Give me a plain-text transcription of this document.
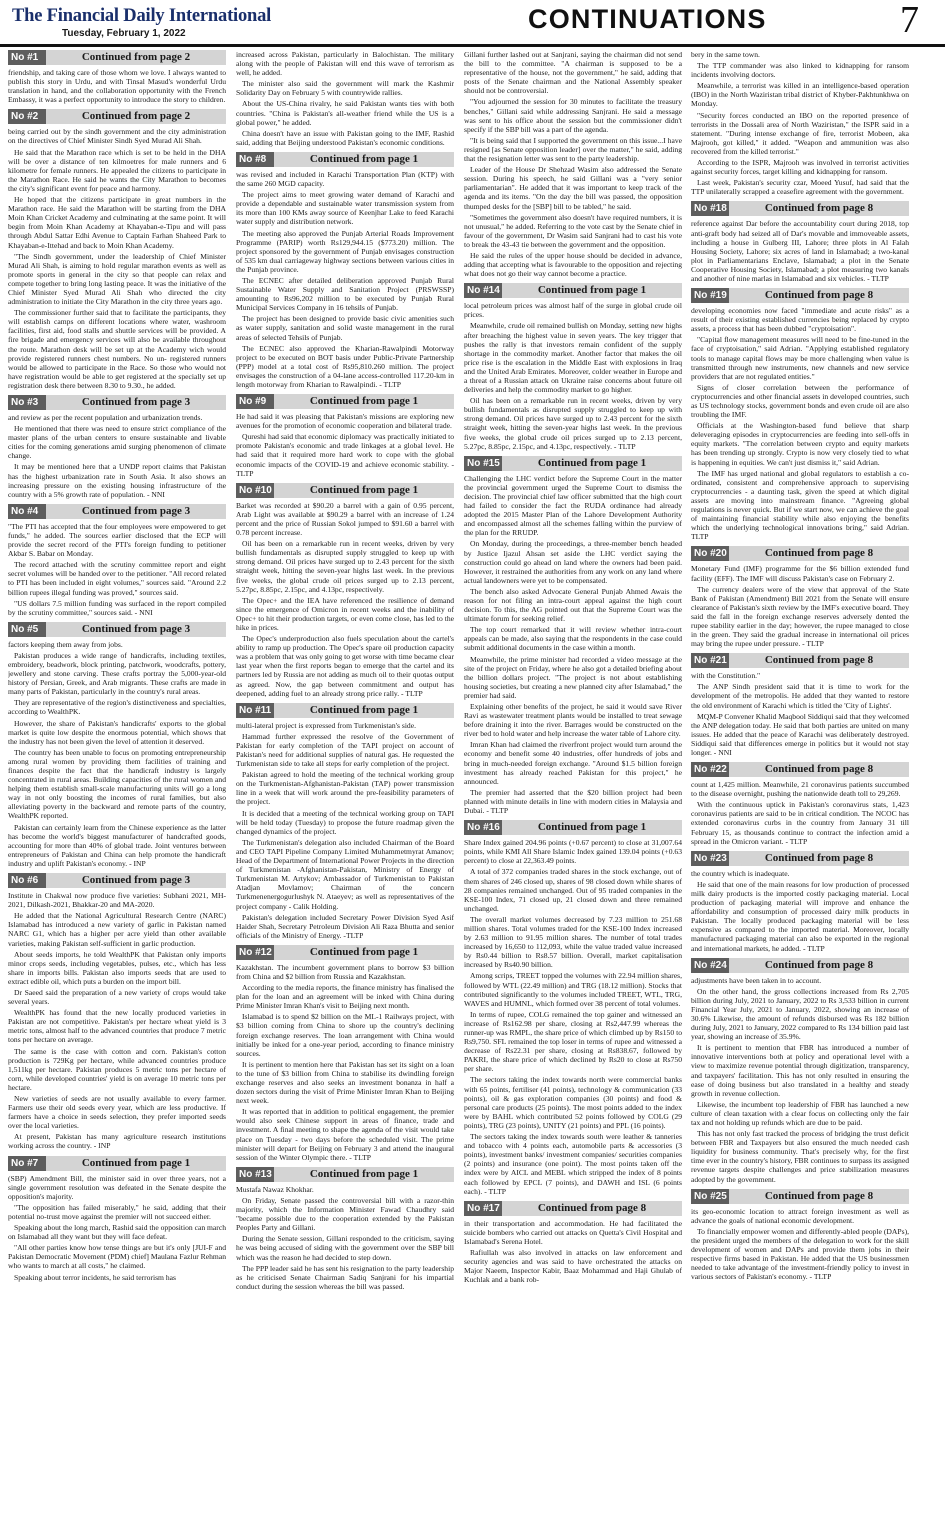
The Financial Daily International
Tuesday, February 1, 2022	CONTINUATIONS	7
No #1	Continued from page 2

friendship, and taking care of those whom we love. I always wanted to publish this story in Urdu, and with Tinsal Masud's wonderful Urdu translation in hand, and the collaboration opportunity with the French Embassy, it was a perfect opportunity to introduce the story to children.

No #2	Continued from page 2

being carried out by the sindh government and the city administration on the directives of Chief Minister Sindh Syed Murad Ali Shah.

He said that the Marathon race which is set to be held in the DHA will be over a distance of ten kilmoetres for male runners and 6 kilometre for female runners. He appealed the citizens to participate in the Marathon Race. He said he wants the City Marathon to becomes the city's significant event for peace and harmony.

He hoped that the citizens participate in great numbers in the Marathon race. He said the Marathon will be starting from the DHA Moin Khan Cricket Academy and culminating at the same point. It will begin from Moin Khan Academy at Khayaban-e-Tipu and will pass through Abdul Sattar Edhi Avenue to Captain Farhan Shaheed Park to Khayaban-e-Ittehad and back to Moin Khan Academy.

"The Sindh government, under the leadership of Chief Minister Murad Ali Shah, is aiming to hold regular marathon events as well as promote sports in general in the city so that people can relax and compete together to bring long lasting peace. It was the initiative of the Chief Minister Syed Murad Ali Shah who directed the city administration to initiate the City Marathon in the city three years ago.

The commissioner further said that to facilitate the participants, they will establish camps on different locations where water, washroom facilities, first aid, food stalls and shuttle services will be provided. A fire brigade and emergency services will also be available throughout the route. Marathon desk will be set up at the Academy wich would provide registered runners chest numbers. No un- registered runners would be allowed to participate in the Race. So those who would not have registration would be able to get registered at the specially set up registration desk there between 8.30 to 9.30., he added.

No #3	Continued from page 3

and review as per the recent population and urbanization trends.

He mentioned that there was need to ensure strict compliance of the master plans of the urban centers to ensure sustainable and livable cities for the coming generations amid surging phenomenon of climate change.

It may be mentioned here that a UNDP report claims that Pakistan has the highest urbanization rate in South Asia. It also shows an increasing pressure on the existing housing infrastructure of the country with a 5% growth rate of population. - NNI

No #4	Continued from page 3

"The PTI has accepted that the four employees were empowered to get funds," he added. The sources earlier disclosed that the ECP will provide the secret record of the PTI's foreign funding to petitioner Akbar S. Babar on Monday.

The record attached with the scrutiny committee report and eight secret volumes will be handed over to the petitioner. "All record related to PTI has been included in eight volumes," sources said. "Around 2.2 billion rupees illegal funding was proved," sources said.

"US dollars 7.5 million funding was surfaced in the report compiled by the scrutiny committee," sources said. - NNI

No #5	Continued from page 3

factors keeping them away from jobs.

Pakistan produces a wide range of handicrafts, including textiles, embroidery, beadwork, block printing, patchwork, woodcrafts, pottery, jewellery and stone carving. These crafts portray the 5,000-year-old history of Persian, Greek, and Arab migrants. These crafts are made in many parts of Pakistan, particularly in the country's rural areas.

They are representative of the region's distinctiveness and specialties, according to WealthPK.

However, the share of Pakistan's handicrafts' exports to the global market is quite low despite the enormous potential, which shows that the industry has not been given the level of attention it deserved.

The country has been unable to focus on promoting entrepreneurship among rural women by providing them facilities of training and finances despite the fact that the handicraft industry is largely concentrated in rural areas. Building capacities of the rural women and helping them establish small-scale manufacturing units will go a long way in not only boosting the incomes of rural families, but also alleviating poverty in the backward and remote parts of the country, WealthPK reported.

Pakistan can certainly learn from the Chinese experience as the latter has become the world's biggest manufacturer of handcrafted goods, accounting for more than 40% of global trade. Joint ventures between entrepreneurs of Pakistan and China can help promote the handicraft industry and uplift Pakistan's economy. - INP

No #6	Continued from page 3

Institute in Chakwal now produce five varieties: Subhani 2021, MH-2021, Dilkash-2021, Bhakkar-20 and MA-2020.

He added that the National Agricultural Research Centre (NARC) Islamabad has introduced a new variety of garlic in Pakistan named NARC G1, which has a higher per acre yield than other available varieties, making Pakistan self-sufficient in garlic production.

About seeds imports, he told WealthPK that Pakistan only imports minor crops seeds, including vegetables, pulses, etc., which has less share in imports bills. Pakistan also imports seeds that are used to extract edible oil, which puts a burden on the import bill.

Dr Saeed said the preparation of a new variety of crops would take several years.

WealthPK has found that the new locally produced varieties in Pakistan are not competitive. Pakistan's per hectare wheat yield is 3 metric tons, almost half to the advanced countries that produce 7 metric tons per hectare on average.

The same is the case with cotton and corn. Pakistan's cotton production is 729Kg per hectare, while advanced countries produce 1,511kg per hectare. Pakistan produces 5 metric tons per hectare of corn, while developed countries' yield is on average 10 metric tons per hectare.

New varieties of seeds are not usually available to every farmer. Farmers use their old seeds every year, which are less productive. If farmers have a choice in seeds selection, they prefer imported seeds over the local varieties.

At present, Pakistan has many agriculture research institutions working across the country. - INP

No #7	Continued from page 1

(SBP) Amendment Bill, the minister said in over three years, not a single government resolution was defeated in the Senate despite the opposition's majority.

"The opposition has failed miserably," he said, adding that their potential no-trust move against the premier will not succeed either.

Speaking about the long march, Rashid said the opposition can march on Islamabad all they want but they will face defeat.

"All other parties know how tense things are but it's only [JUI-F and Pakistan Democratic Movement (PDM) chief] Maulana Fazlur Rehman who wants to march at all costs," he claimed.

Speaking about terror incidents, he said terrorism has

increased across Pakistan, particularly in Balochistan. The military along with the people of Pakistan will end this wave of terrorism as well, he added.

The minister also said the government will mark the Kashmir Solidarity Day on February 5 with countrywide rallies.

About the US-China rivalry, he said Pakistan wants ties with both countries. "China is Pakistan's all-weather friend while the US is a global power," he added.

China doesn't have an issue with Pakistan going to the IMF, Rashid said, adding that Beijing understood Pakistan's economic conditions.

No #8	Continued from page 1

was revised and included in Karachi Transportation Plan (KTP) with the same 260 MGD capacity.

The project aims to meet growing water demand of Karachi and provide a dependable and sustainable water transmission system from its more than 100 KMs away source of Keenjhar Lake to feed Karachi water supply and distribution network.

The meeting also approved the Punjab Arterial Roads Improvement Programme (PARIP) worth Rs129,944.15 ($773.20) million. The project sponsored by the government of Punjab envisages construction of 535 km dual carriageway highway sections between various cities in the Punjab province.

The ECNEC after detailed deliberation approved Punjab Rural Sustainable Water Supply and Sanitation Project (PRSWSSP) amounting to Rs96,202 million to be executed by Punjab Rural Municipal Services Company in 16 tehsils of Punjab.

The project has been designed to provide basic civic amenities such as water supply, sanitation and solid waste management in the rural areas of selected Tehsils of Punjab.

The ECNEC also approved the Kharian-Rawalpindi Motorway project to be executed on BOT basis under Public-Private Partnership (PPP) model at a total cost of Rs95,810.260 million. The project envisages the construction of a 04-lane access-controlled 117.20-km in length motorway from Kharian to Rawalpindi. - TLTP

No #9	Continued from page 1

He had said it was pleasing that Pakistan's missions are exploring new avenues for the promotion of economic cooperation and bilateral trade.

Qureshi had said that economic diplomacy was practically initiated to promote Pakistan's economic and trade linkages at a global level. He had said that it required more hard work to cope with the global economic impacts of the COVID-19 and achieve economic stability. - TLTP

No #10	Continued from page 1

Barket was recorded at $90.20 a barrel with a gain of 0.95 percent, Arab Light was available at $90.29 a barrel with an increase of 1.24 percent and the price of Russian Sokol jumped to $91.60 a barrel with 0.78 percent increase.

Oil has been on a remarkable run in recent weeks, driven by very bullish fundamentals as disrupted supply struggled to keep up with strong demand. Oil prices have surged up to 2.43 percent for the sixth straight week, hitting the seven-year highs last week. In the previous five weeks, the global crude oil prices surged up to 2.13 percent, 5.27pc, 8.85pc, 2.15pc, and 4.13pc, respectively.

The Opec+ and the IEA have referenced the resilience of demand since the emergence of Omicron in recent weeks and the inability of Opec+ to hit their production targets, or even come close, has led to the hike in prices.

The Opec's underproduction also fuels speculation about the cartel's ability to ramp up production. The Opec's spare oil production capacity was a problem that was only going to get worse with time became clear last year when the first reports began to emerge that the cartel and its partners led by Russia are not adding as much oil to their quotas output as agreed. Now, the gap between commitment and output has deepened, adding fuel to an already strong price rally. - TLTP

No #11	Continued from page 1

multi-lateral project is expressed from Turkmenistan's side.

Hammad further expressed the resolve of the Government of Pakistan for early completion of the TAPI project on account of Pakistan's need for additional supplies of natural gas. He requested the Turkmenistan side to take all steps for early completion of the project.

Pakistan agreed to hold the meeting of the technical working group on the Turkmenistan-Afghanistan-Pakistan (TAP) power transmission line in a week that will work around the pre-feasibility parameters of the project.

It is decided that a meeting of the technical working group on TAPI will be held today (Tuesday) to propose the future roadmap given the changed dynamics of the project.

The Turkmenistan's delegation also included Chairman of the Board and CEO TAPI Pipeline Company Limited Muhammetmyrat Amanov; Head of the Department of International Power Projects in the direction of Turkmenistan -Afghanistan-Pakistan, Ministry of Energy of Turkmenistan M. Artykov; Ambassador of Turkmenistan to Pakistan Atadjan Movlamov; Chairman of the concern Turkmenenergogurlushyk N. Ataeyev; as well as representatives of the project company - Calik Holding.

Pakistan's delegation included Secretary Power Division Syed Asif Haider Shah, Secretary Petroleum Division Ali Raza Bhutta and senior officials of the Ministry of Energy. -TLTP

No #12	Continued from page 1

Kazakhstan. The incumbent government plans to borrow $3 billion from China and $2 billion from Russia and Kazakhstan.

According to the media reports, the finance ministry has finalised the plan for the loan and an agreement will be inked with China during Prime Minister Imran Khan's visit to Beijing next month.

Islamabad is to spend $2 billion on the ML-1 Railways project, with $3 billion coming from China to shore up the country's declining foreign exchange reserves. The loan arrangement with China would initially be inked for a one-year period, according to finance ministry sources.

It is pertinent to mention here that Pakistan has set its sight on a loan to the tune of $3 billion from China to stabilise its dwindling foreign exchange reserves and also seeks an investment bonanza in half a dozen sectors during the visit of Prime Minister Imran Khan to Beijing next week.

It was reported that in addition to political engagement, the premier would also seek Chinese support in areas of finance, trade and investment. A final meeting to shape the agenda of the visit would take place on Tuesday - two days before the scheduled visit. The prime minister will depart for Beijing on February 3 and attend the inaugural session of the Winter Olympic there. - TLTP

No #13	Continued from page 1

Mustafa Nawaz Khokhar.

On Friday, Senate passed the controversial bill with a razor-thin majority, which the Information Minister Fawad Chaudhry said "became possible due to the cooperation extended by the Pakistan Peoples Party and Gillani.

During the Senate session, Gillani responded to the criticism, saying he was being accused of siding with the government over the SBP bill which was the reason he had decided to step down.

The PPP leader said he has sent his resignation to the party leadership as he criticised Senate Chairman Sadiq Sanjrani for his impartial conduct during the session whereas the bill was passed.

Gillani further lashed out at Sanjrani, saying the chairman did not send the bill to the committee. "A chairman is supposed to be a representative of the house, not the government," he said, adding that posts of the Senate chairman and the National Assembly speaker should not be controversial.

"You adjourned the session for 30 minutes to facilitate the treasury benches," Gillani said while addressing Sanjrani. He said a message was sent to his office about the session but the commissioner didn't specify if the SBP bill was a part of the agenda.

"It is being said that I supported the government on this issue...I have resigned [as Senate opposition leader] over the matter," he said, adding that the resignation letter was sent to the party leadership.

Leader of the House Dr Shehzad Wasim also addressed the Senate session. During his speech, he said Gillani was a "very senior parliamentarian". He added that it was important to keep track of the agenda and its items. "On the day the bill was passed, the opposition thumped desks for the [SBP] bill to be tabled," he said.

"Sometimes the government also doesn't have required numbers, it is not unusual," he added. Referring to the vote cast by the Senate chief in favour of the government, Dr Wasim said Sanjrani had to cast his vote to break the 43-43 tie between the government and the opposition.

He said the rules of the upper house should be decided in advance, adding that accepting what is favourable to the opposition and rejecting what does not go their way cannot become a practice.

No #14	Continued from page 1

local petroleum prices was almost half of the surge in global crude oil prices.

Meanwhile, crude oil remained bullish on Monday, setting new highs after breaching the highest value in seven years. The key trigger that pushes the rally is that investors remain confident of the supply shortage in the commodity market. Another factor that makes the oil price rise is the escalation in the Middle East with explosions in Iraq and the United Arab Emirates. Moreover, colder weather in Europe and a threat of a Russian attack on Ukraine raise concerns about future oil deliveries and help the commodity market to go higher.

Oil has been on a remarkable run in recent weeks, driven by very bullish fundamentals as disrupted supply struggled to keep up with strong demand. Oil prices have surged up to 2.43 percent for the sixth straight week, hitting the seven-year highs last week. In the previous five weeks, the global crude oil prices surged up to 2.13 percent, 5.27pc, 8.85pc, 2.15pc, and 4.13pc, respectively. - TLTP

No #15	Continued from page 1

Challenging the LHC verdict before the Supreme Court in the matter the provincial government urged the Supreme Court to dismiss the decision. The provincial chief law officer submitted that the high court had failed to consider the fact the RUDA ordinance had already adopted the 2015 Master Plan of the Lahore Development Authority and encompassed almost all the schemes falling within the purview of the plan for the RRUDP.

On Monday, during the proceedings, a three-member bench headed by Justice Ijazul Ahsan set aside the LHC verdict saying the construction could go ahead on land where the owners had been paid. However, it restrained the authorities from any work on any land where actual landowners were yet to be compensated.

The bench also asked Advocate General Punjab Ahmed Awais the reason for not filing an intra-court appeal against the high court decision. To this, the AG pointed out that the Supreme Court was the ultimate forum for seeking relief.

The top court remarked that it will review whether intra-court appeals can be made, also saying that the respondents in the case could submit additional documents in the case within a month.

Meanwhile, the prime minister had recorded a video message at the site of the project on Friday, where he also got a detailed briefing about the billion dollars project. "The project is not about establishing housing societies, but creating a new planned city after Islamabad," the premier had said.

Explaining other benefits of the project, he said it would save River Ravi as wastewater treatment plants would be installed to treat sewage before draining it into the river. Barrages would be constructed on the river bed to hold water and help increase the water table of Lahore city.

Imran Khan had claimed the riverfront project would turn around the economy and benefit some 40 industries, offer hundreds of jobs and bring in much-needed foreign exchange. "Around $1.5 billion foreign investment has already reached Pakistan for this project," he announced.

The premier had asserted that the $20 billion project had been planned with minute details in line with modern cities in Malaysia and Dubai. - TLTP

No #16	Continued from page 1

Share Index gained 204.96 points (+0.67 percent) to close at 31,007.64 points, while KMI All Share Islamic Index gained 139.04 points (+0.63 percent) to close at 22,363.49 points.

A total of 372 companies traded shares in the stock exchange, out of them shares of 246 closed up, shares of 98 closed down while shares of 28 companies remained unchanged. Out of 95 traded companies in the KSE-100 Index, 71 closed up, 21 closed down and three remained unchanged.

The overall market volumes decreased by 7.23 million to 251.68 million shares. Total volumes traded for the KSE-100 Index increased by 2.63 million to 91.95 million shares. The number of total trades increased by 16,650 to 112,093, while the value traded value increased by Rs0.44 billion to Rs8.57 billion. Overall, market capitalisation increased by Rs40.90 billion.

Among scrips, TREET topped the volumes with 22.94 million shares, followed by WTL (22.49 million) and TRG (18.12 million). Stocks that contributed significantly to the volumes included TREET, WTL, TRG, WAVES and HUMNL, which formed over 38 percent of total volumes.

In terms of rupee, COLG remained the top gainer and witnessed an increase of Rs162.98 per share, closing at Rs2,447.99 whereas the runner-up was RMPL, the share price of which climbed up by Rs150 to Rs9,750. SFL remained the top loser in terms of rupee and witnessed a decrease of Rs22.31 per share, closing at Rs838.67, followed by PAKRI, the share price of which declined by Rs20 to close at Rs750 per share.

The sectors taking the index towards north were commercial banks with 65 points, fertiliser (41 points), technology & communication (33 points), oil & gas exploration companies (30 points) and food & personal care products (25 points). The most points added to the index were by BAHL which contributed 52 points followed by COLG (29 points), TRG (23 points), UNITY (21 points) and PPL (16 points).

The sectors taking the index towards south were leather & tanneries and tobacco with 4 points each, automobile parts & accessories (3 points), investment banks/ investment companies/ securities companies (2 points) and insurance (one point). The most points taken off the index were by AICL and MEBL which stripped the index of 8 points each followed by EPCL (7 points), and DAWH and ISL (6 points each). - TLTP

No #17	Continued from page 8

in their transportation and accommodation. He had facilitated the suicide bombers who carried out attacks on Quetta's Civil Hospital and Islamabad's Serena Hotel.

Rafiullah was also involved in attacks on law enforcement and security agencies and was said to have orchestrated the attacks on Major Naeem, Inspector Kabir, Baaz Mohammad and Haji Ghulab of Kuchlak and a bank rob-

bery in the same town.

The TTP commander was also linked to kidnapping for ransom incidents involving doctors.

Meanwhile, a terrorist was killed in an intelligence-based operation (IBO) in the North Waziristan tribal district of Khyber-Pakhtunkhwa on Monday.

"Security forces conducted an IBO on the reported presence of terrorists in the Dossali area of North Waziristan," the ISPR said in a statement. "During intense exchange of fire, terrorist Mobeen, aka Majrooh, got killed," it added. "Weapon and ammunition was also recovered from the killed terrorist."

According to the ISPR, Majrooh was involved in terrorist activities against security forces, target killing and kidnapping for ransom.

Last week, Pakistan's security czar, Moeed Yusuf, had said that the TTP unilaterally scrapped a ceasefire agreement with the government.

No #18	Continued from page 8

reference against Dar before the accountability court during 2018, top anti-graft body had seized all of Dar's movable and immoveable assets, including a house in Gulberg III, Lahore; three plots in Al Falah Housing Society, Lahore; six acres of land in Islamabad; a two-kanal plot in Parliamentarians Enclave, Islamabad; a plot in the Senate Cooperative Housing Society, Islamabad; a plot measuring two kanals and another of nine marlas in Islamabad and six vehicles. - TLTP

No #19	Continued from page 8

developing economies now faced "immediate and acute risks" as a result of their existing established currencies being replaced by crypto assets, a process that has been dubbed "cryptoisation".

"Capital flow management measures will need to be fine-tuned in the face of cryptoisation," said Adrian. "Applying established regulatory tools to manage capital flows may be more challenging when value is transmitted through new instruments, new channels and new service providers that are not regulated entities."

Signs of closer correlation between the performance of cryptocurrencies and other financial assets in developed countries, such as US technology stocks, government bonds and even crude oil are also troubling the IMF.

Officials at the Washington-based fund believe that sharp deleveraging episodes in cryptocurrencies are feeding into sell-offs in equity markets. "The correlation between crypto and equity markets has been trending up strongly. Crypto is now very closely tied to what is happening in equities. We can't just dismiss it," said Adrian.

The IMF has urged national and global regulators to establish a co-ordinated, consistent and comprehensive approach to supervising cryptocurrencies - a daunting task, given the speed at which digital assets are moving into mainstream finance. "Agreeing global regulations is never quick. But if we start now, we can achieve the goal of maintaining financial stability while also enjoying the benefits which the underlying technological innovations bring," said Adrian. TLTP

No #20	Continued from page 8

Monetary Fund (IMF) programme for the $6 billion extended fund facility (EFF). The IMF will discuss Pakistan's case on February 2.

The currency dealers were of the view that approval of the State Bank of Pakistan (Amendment) Bill 2021 from the Senate will ensure clearance of Pakistan's sixth review by the IMF's executive board. They said the fall in the foreign exchange reserves adversely dented the rupee stability earlier in the day; however, the rupee managed to close in the green. They said the gradual increase in international oil prices may bring the rupee under pressure. - TLTP

No #21	Continued from page 8

with the Constitution."

The ANP Sindh president said that it is time to work for the development of the metropolis. He added that they wanted to restore the old environment of Karachi which is titled the 'City of Lights'.

MQM-P Convener Khalid Maqbool Siddiqui said that they welcomed the ANP delegation today. He said that both parties are united on many issues. He added that the peace of Karachi was deliberately destroyed. Siddiqui said that differences emerge in politics but it would not stay longer. - NNI

No #22	Continued from page 8

count at 1,425 million. Meanwhile, 21 coronavirus patients succumbed to the disease overnight, pushing the nationwide death toll to 29,269.

With the continuous uptick in Pakistan's coronavirus stats, 1,423 coronavirus patients are said to be in critical condition. The NCOC has extended coronavirus curbs in the country from January 31 till February 15, as thousands continue to contract the infection amid a spread in the Omicron variant. - TLTP

No #23	Continued from page 8

the country which is inadequate.

He said that one of the main reasons for low production of processed milk dairy products is the imported costly packaging material. Local production of packaging material will improve and enhance the affordability and consumption of processed dairy milk products in Pakistan. The locally produced packaging material will be less expensive as compared to the imported material. Moreover, locally manufactured packaging material can also be exported in the regional and international markets, he added. - TLTP

No #24	Continued from page 8

adjustments have been taken in to account.

On the other hand, the gross collections increased from Rs 2,705 billion during July, 2021 to January, 2022 to Rs 3,533 billion in current Financial Year July, 2021 to January, 2022, showing an increase of 30.6% Likewise, the amount of refunds disbursed was Rs 182 billion during July, 2021 to January, 2022 compared to Rs 134 billion paid last year, showing an increase of 35.9%.

It is pertinent to mention that FBR has introduced a number of innovative interventions both at policy and operational level with a view to maximize revenue potential through digitization, transparency, and taxpayers' facilitation. This has not only resulted in ensuring the ease of doing business but also translated in a healthy and steady growth in revenue collection.

Likewise, the incumbent top leadership of FBR has launched a new culture of clean taxation with a clear focus on collecting only the fair tax and not holding up refunds which are due to be paid.

This has not only fast tracked the process of bridging the trust deficit between FBR and Taxpayers but also ensured the much needed cash liquidity for business community. That's precisely why, for the first time ever in the country's history, FBR continues to surpass its assigned revenue targets despite challenges and price stabilization measures adopted by the government.

No #25	Continued from page 8

its geo-economic location to attract foreign investment as well as advance the goals of national economic development.

To financially empower women and differently-abled people (DAPs), the president urged the members of the delegation to work for the skill development of women and DAPs and provide them jobs in their respective firms based in Pakistan. He added that the US businessmen needed to take advantage of the investment-friendly policy to invest in various sectors of Pakistan's economy. - TLTP
